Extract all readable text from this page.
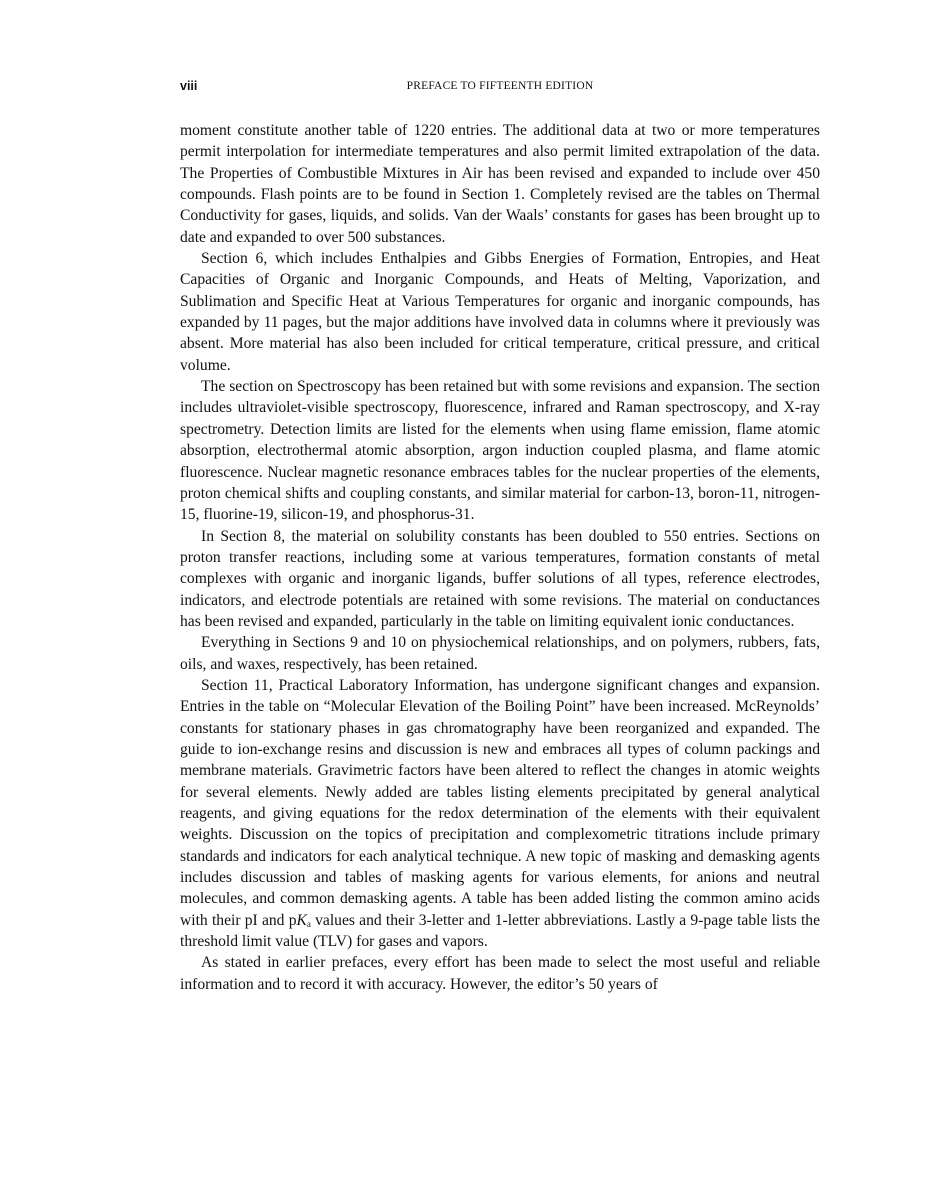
viii	PREFACE TO FIFTEENTH EDITION

moment constitute another table of 1220 entries. The additional data at two or more temperatures permit interpolation for intermediate temperatures and also permit limited extrapolation of the data. The Properties of Combustible Mixtures in Air has been revised and expanded to include over 450 compounds. Flash points are to be found in Section 1. Completely revised are the tables on Thermal Conductivity for gases, liquids, and solids. Van der Waals’ constants for gases has been brought up to date and expanded to over 500 substances.

Section 6, which includes Enthalpies and Gibbs Energies of Formation, Entropies, and Heat Capacities of Organic and Inorganic Compounds, and Heats of Melting, Vaporization, and Sublimation and Specific Heat at Various Temperatures for organic and inorganic compounds, has expanded by 11 pages, but the major additions have involved data in columns where it previously was absent. More material has also been included for critical temperature, critical pressure, and critical volume.

The section on Spectroscopy has been retained but with some revisions and expansion. The section includes ultraviolet-visible spectroscopy, fluorescence, infrared and Raman spectroscopy, and X-ray spectrometry. Detection limits are listed for the elements when using flame emission, flame atomic absorption, electrothermal atomic absorption, argon induction coupled plasma, and flame atomic fluorescence. Nuclear magnetic resonance embraces tables for the nuclear properties of the elements, proton chemical shifts and coupling constants, and similar material for carbon-13, boron-11, nitrogen-15, fluorine-19, silicon-19, and phosphorus-31.

In Section 8, the material on solubility constants has been doubled to 550 entries. Sections on proton transfer reactions, including some at various temperatures, formation constants of metal complexes with organic and inorganic ligands, buffer solutions of all types, reference electrodes, indicators, and electrode potentials are retained with some revisions. The material on conductances has been revised and expanded, particularly in the table on limiting equivalent ionic conductances.

Everything in Sections 9 and 10 on physiochemical relationships, and on polymers, rubbers, fats, oils, and waxes, respectively, has been retained.

Section 11, Practical Laboratory Information, has undergone significant changes and expansion. Entries in the table on “Molecular Elevation of the Boiling Point” have been increased. McReynolds’ constants for stationary phases in gas chromatography have been reorganized and expanded. The guide to ion-exchange resins and discussion is new and embraces all types of column packings and membrane materials. Gravimetric factors have been altered to reflect the changes in atomic weights for several elements. Newly added are tables listing elements precipitated by general analytical reagents, and giving equations for the redox determination of the elements with their equivalent weights. Discussion on the topics of precipitation and complexometric titrations include primary standards and indicators for each analytical technique. A new topic of masking and demasking agents includes discussion and tables of masking agents for various elements, for anions and neutral molecules, and common demasking agents. A table has been added listing the common amino acids with their pI and $pK_a$ values and their 3-letter and 1-letter abbreviations. Lastly a 9-page table lists the threshold limit value (TLV) for gases and vapors.

As stated in earlier prefaces, every effort has been made to select the most useful and reliable information and to record it with accuracy. However, the editor’s 50 years of
